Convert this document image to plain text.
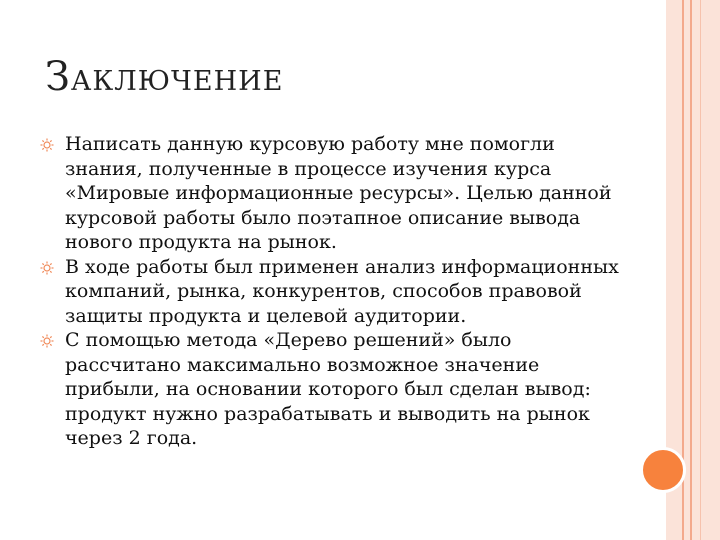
ЗАКЛЮЧЕНИЕ
Написать данную курсовую работу мне помогли знания, полученные в процессе изучения курса «Мировые информационные ресурсы». Целью данной курсовой работы было поэтапное описание вывода нового продукта на рынок.
В ходе работы был применен анализ информационных компаний, рынка, конкурентов, способов правовой защиты продукта и целевой аудитории.
С помощью метода «Дерево решений» было рассчитано максимально возможное значение прибыли, на основании которого был сделан вывод: продукт нужно разрабатывать и выводить на рынок через 2 года.
